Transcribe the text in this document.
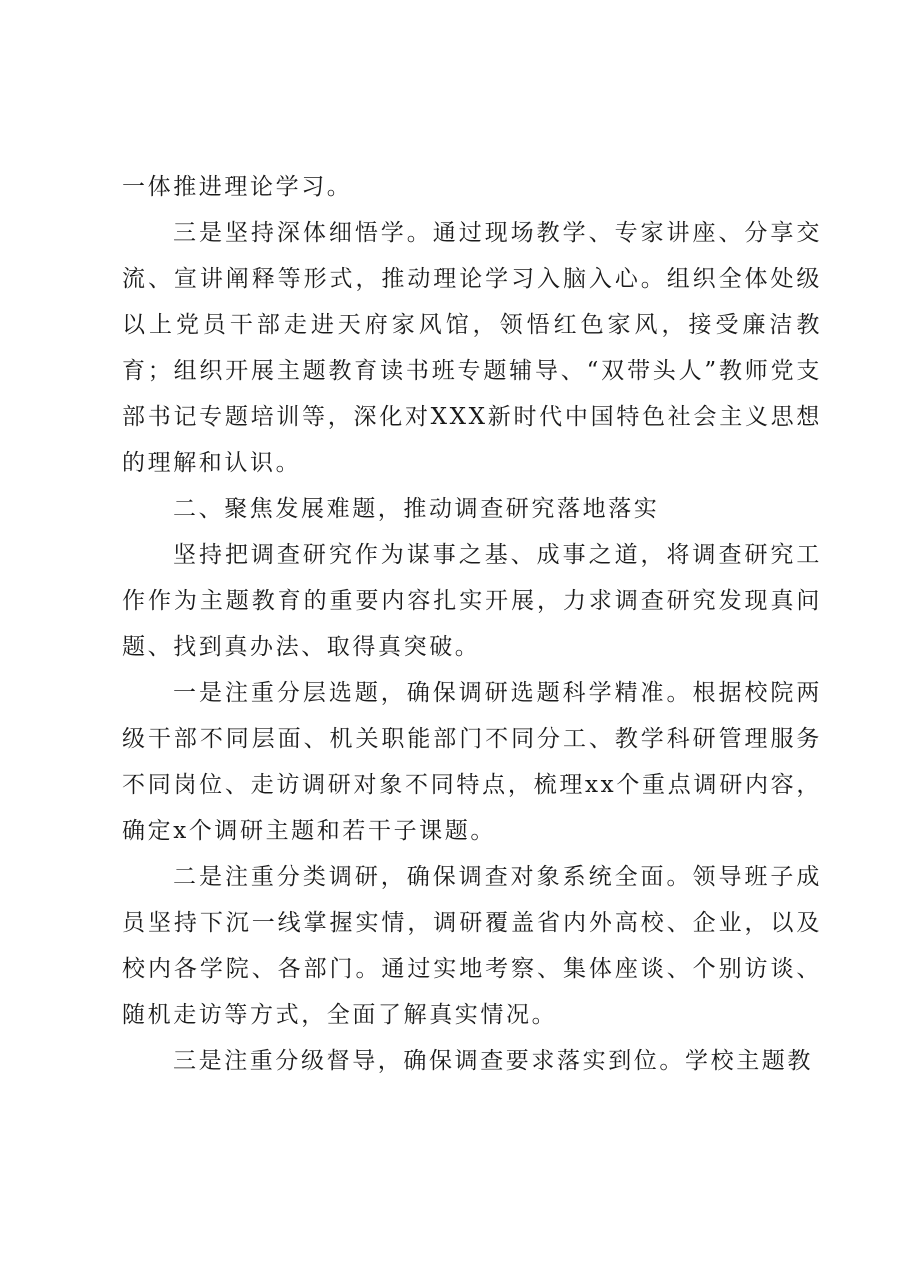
一体推进理论学习。

三是坚持深体细悟学。通过现场教学、专家讲座、分享交流、宣讲阐释等形式，推动理论学习入脑入心。组织全体处级以上党员干部走进天府家风馆，领悟红色家风，接受廉洁教育；组织开展主题教育读书班专题辅导、“双带头人”教师党支部书记专题培训等，深化对XXX新时代中国特色社会主义思想的理解和认识。

二、聚焦发展难题，推动调查研究落地落实

坚持把调查研究作为谋事之基、成事之道，将调查研究工作作为主题教育的重要内容扎实开展，力求调查研究发现真问题、找到真办法、取得真突破。

一是注重分层选题，确保调研选题科学精准。根据校院两级干部不同层面、机关职能部门不同分工、教学科研管理服务不同岗位、走访调研对象不同特点，梳理xx个重点调研内容，确定x个调研主题和若干子课题。

二是注重分类调研，确保调查对象系统全面。领导班子成员坚持下沉一线掌握实情，调研覆盖省内外高校、企业，以及校内各学院、各部门。通过实地考察、集体座谈、个别访谈、随机走访等方式，全面了解真实情况。

三是注重分级督导，确保调查要求落实到位。学校主题教
